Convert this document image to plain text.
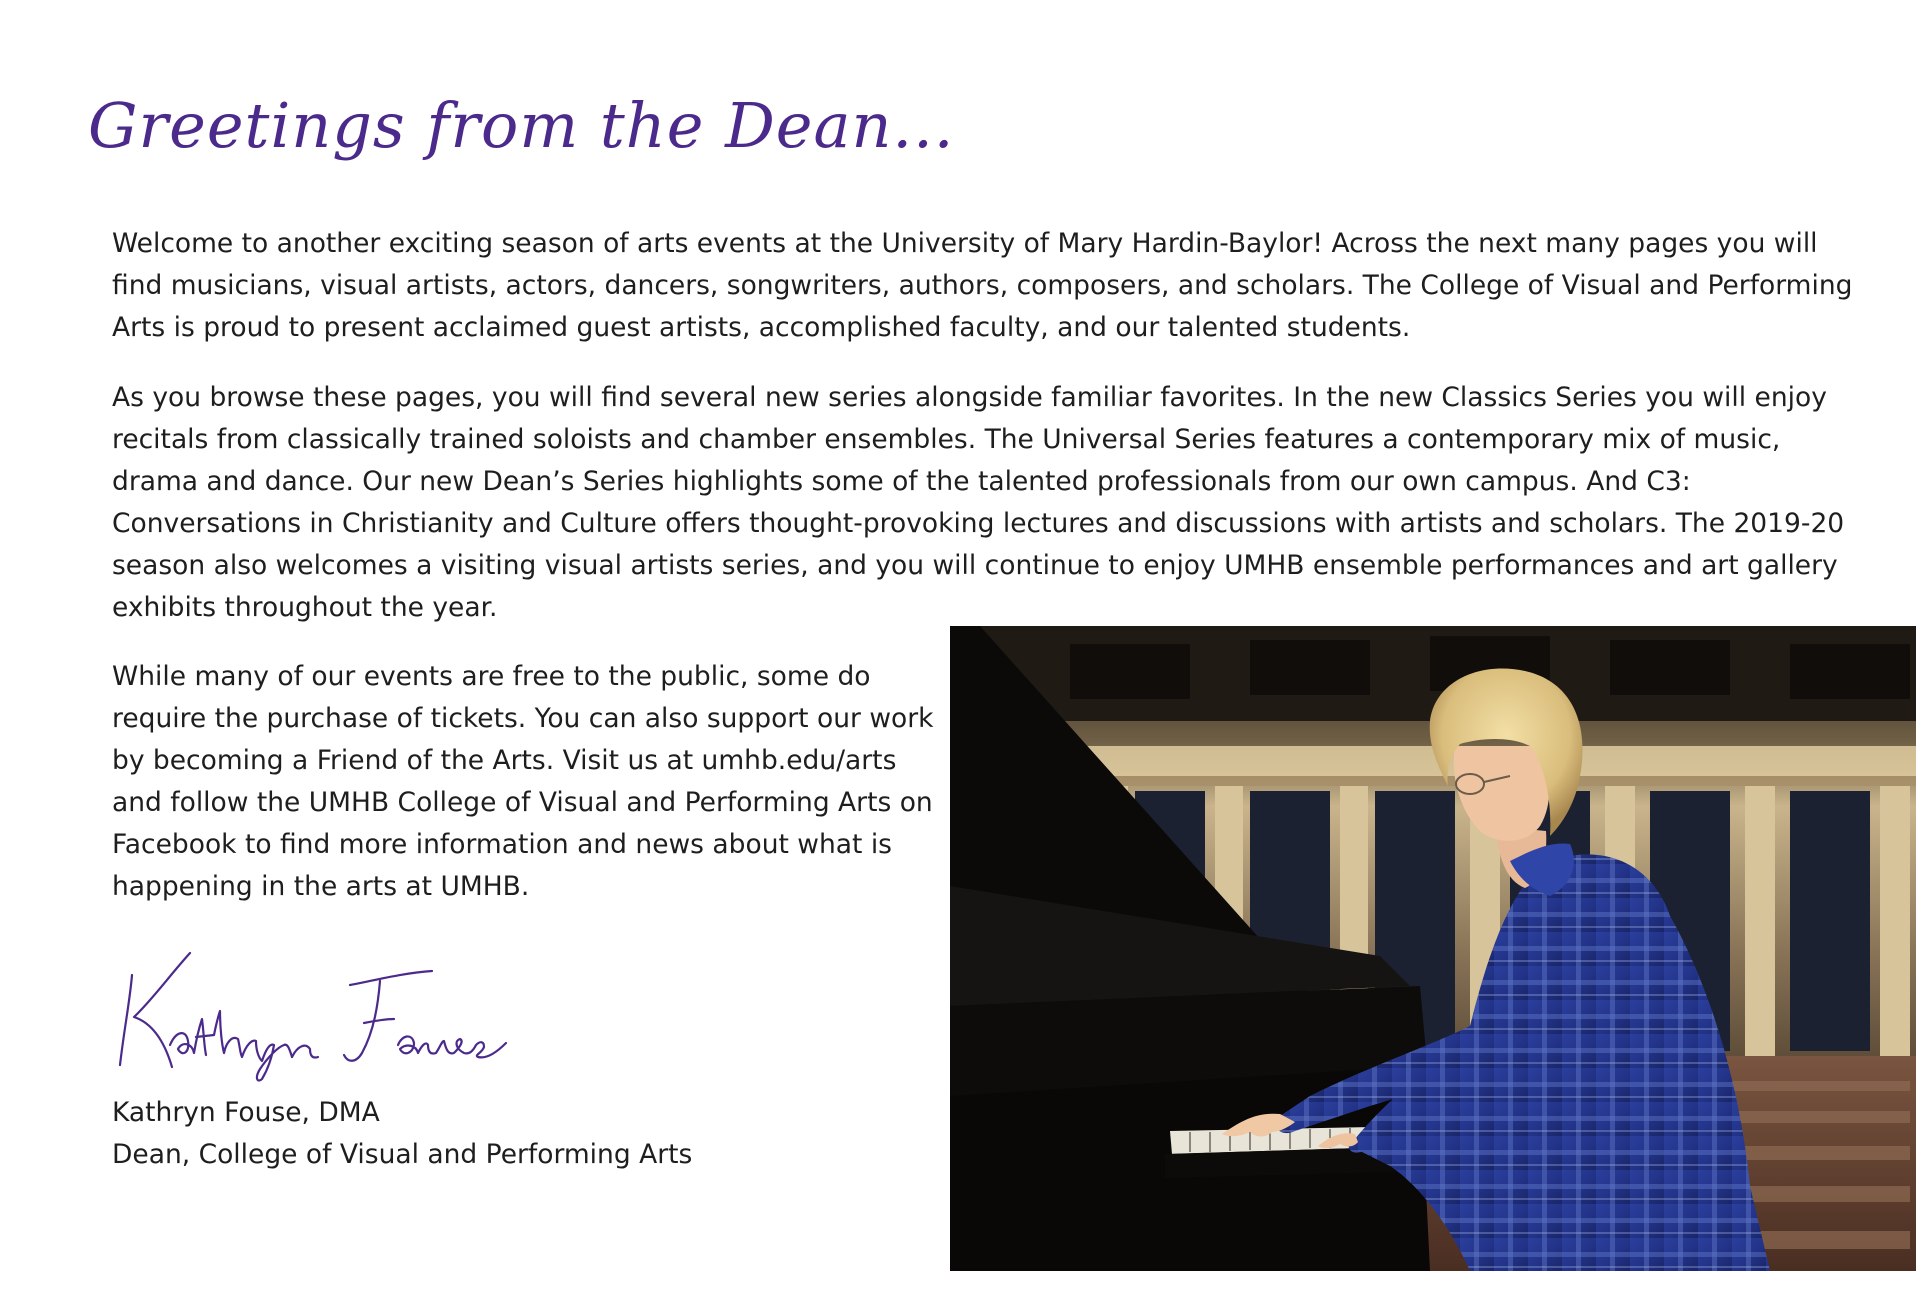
Greetings from the Dean...

Welcome to another exciting season of arts events at the University of Mary Hardin-Baylor! Across the next many pages you will find musicians, visual artists, actors, dancers, songwriters, authors, composers, and scholars. The College of Visual and Performing Arts is proud to present acclaimed guest artists, accomplished faculty, and our talented students.

As you browse these pages, you will find several new series alongside familiar favorites. In the new Classics Series you will enjoy recitals from classically trained soloists and chamber ensembles. The Universal Series features a contemporary mix of music, drama and dance. Our new Dean’s Series highlights some of the talented professionals from our own campus. And C3: Conversations in Christianity and Culture offers thought-provoking lectures and discussions with artists and scholars. The 2019-20 season also welcomes a visiting visual artists series, and you will continue to enjoy UMHB ensemble performances and art gallery exhibits throughout the year.

While many of our events are free to the public, some do require the purchase of tickets. You can also support our work by becoming a Friend of the Arts. Visit us at umhb.edu/arts and follow the UMHB College of Visual and Performing Arts on Facebook to find more information and news about what is happening in the arts at UMHB.

Kathryn Fouse, DMA

Dean, College of Visual and Performing Arts
